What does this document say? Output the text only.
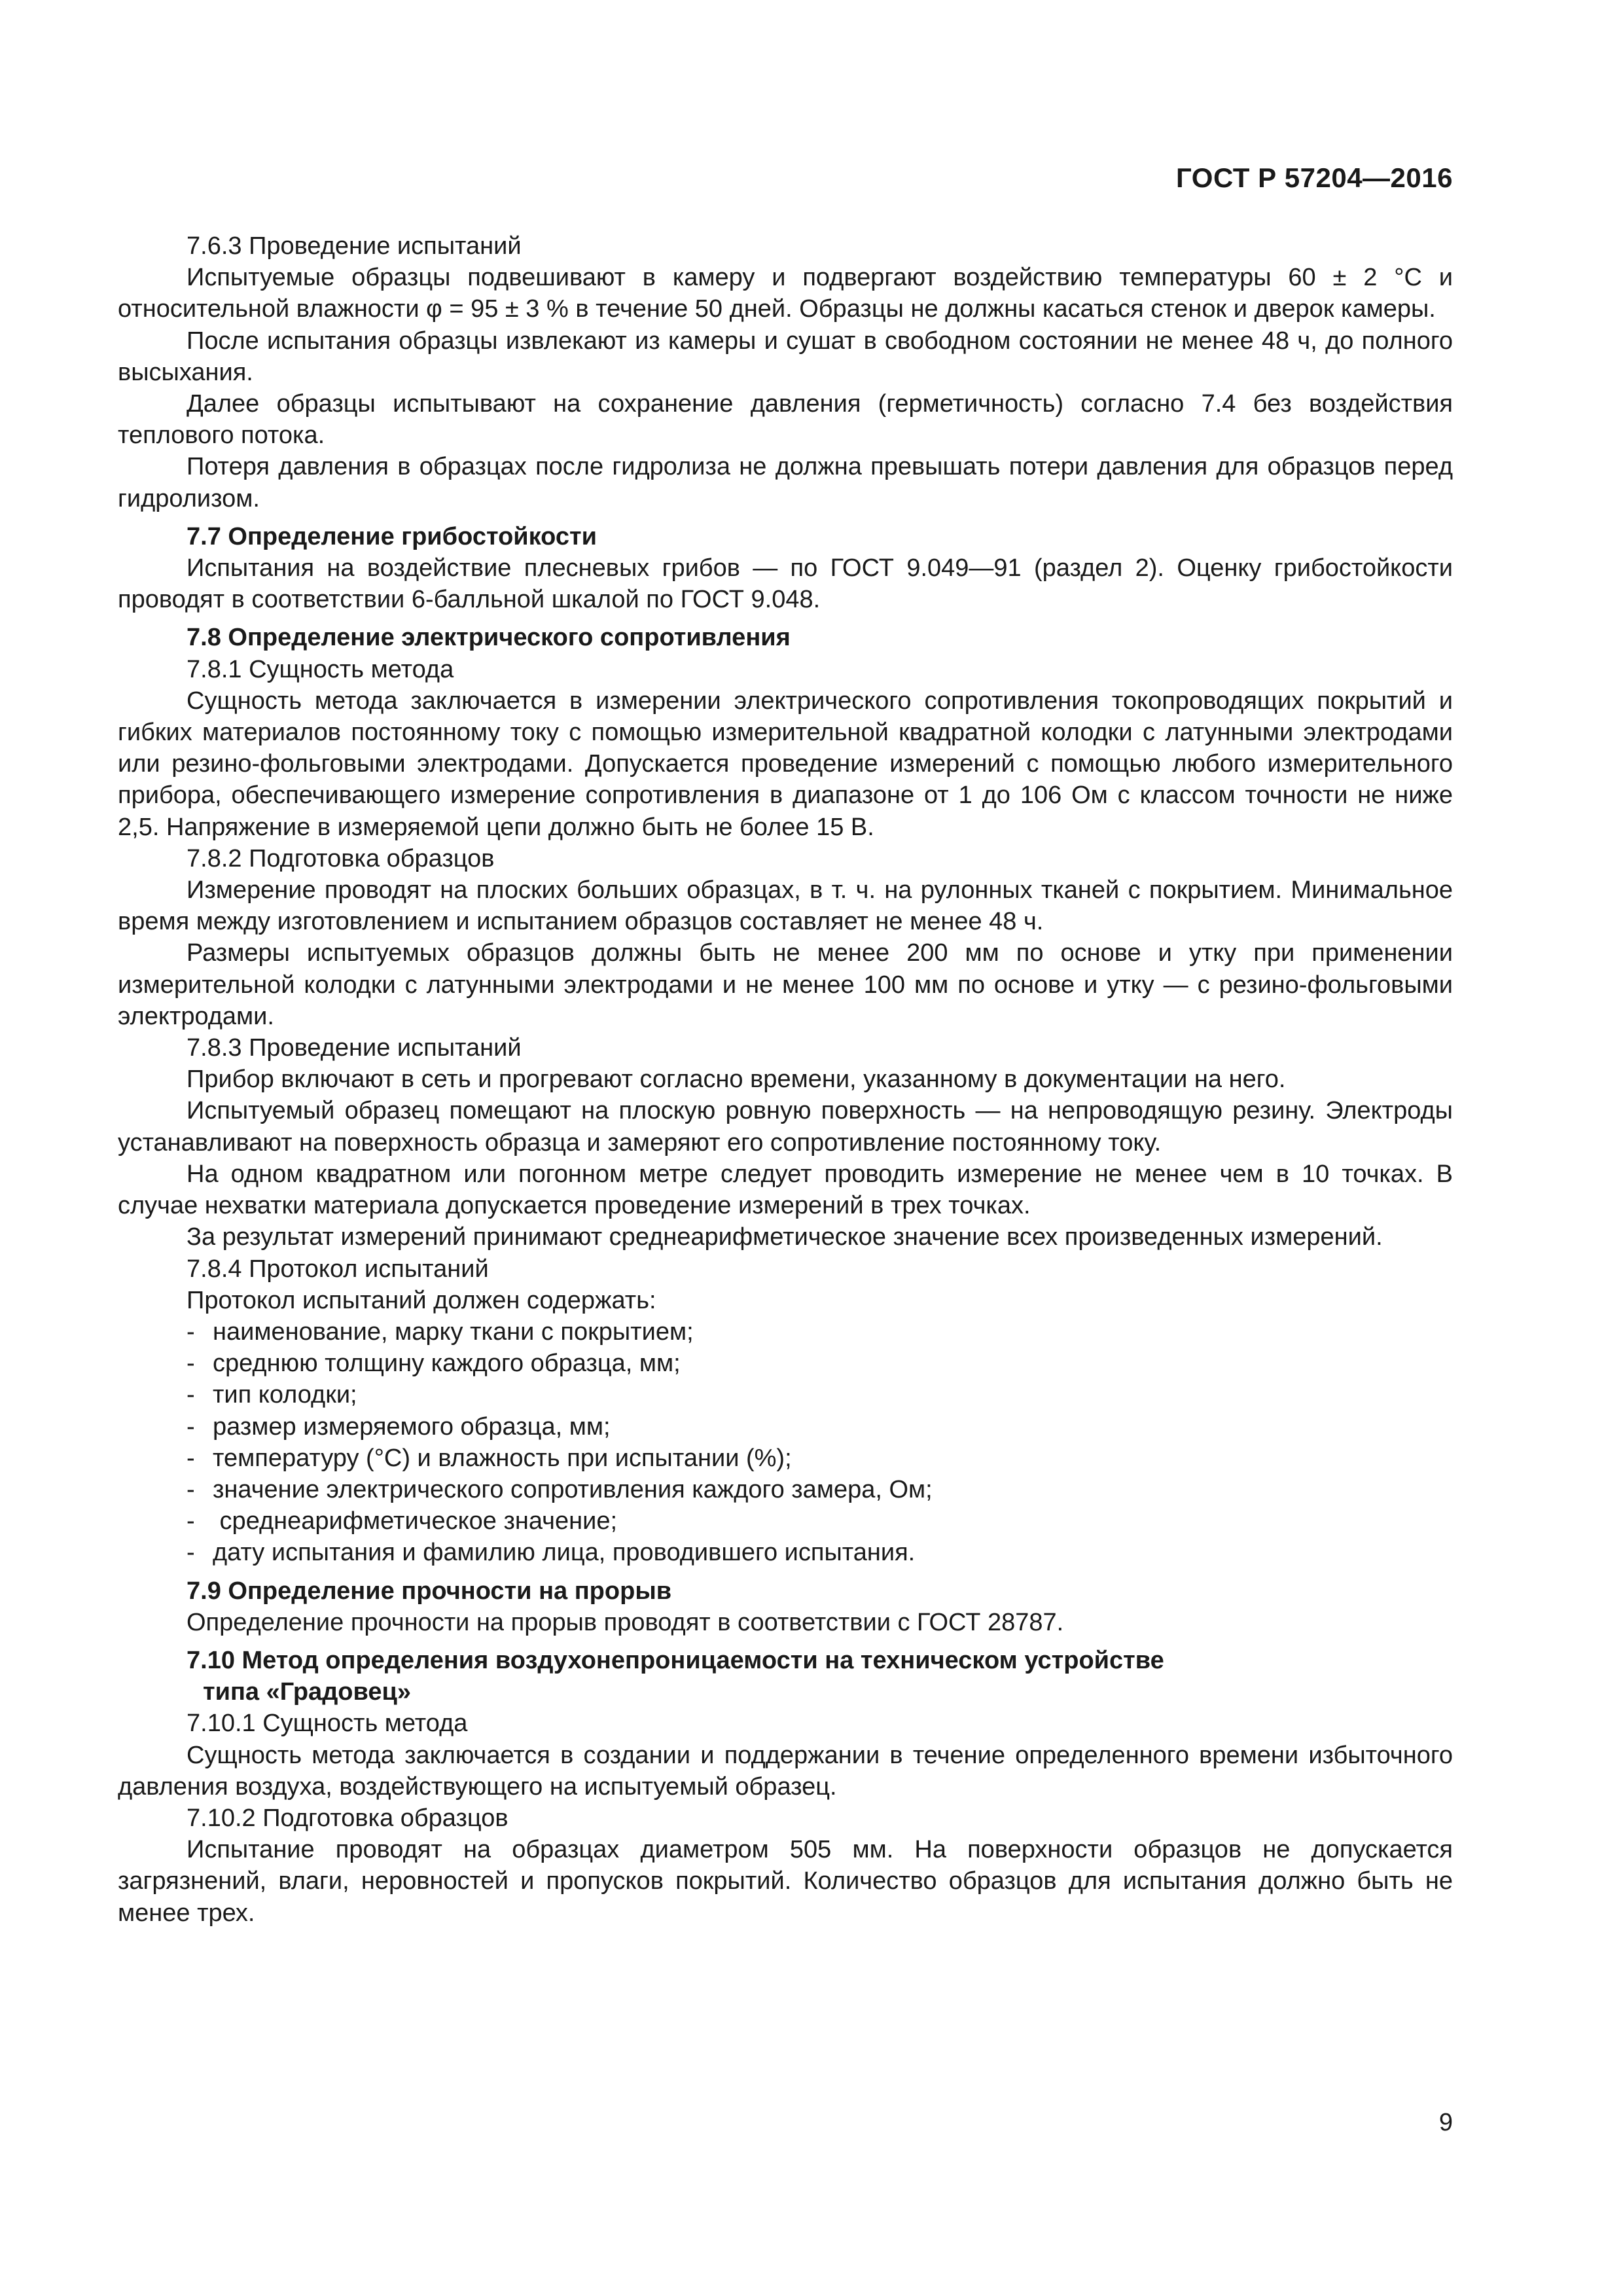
ГОСТ Р 57204—2016

7.6.3 Проведение испытаний

Испытуемые образцы подвешивают в камеру и подвергают воздействию температуры 60 ± 2 °С и относительной влажности φ = 95 ± 3 % в течение 50 дней. Образцы не должны касаться стенок и дверок камеры.

После испытания образцы извлекают из камеры и сушат в свободном состоянии не менее 48 ч, до полного высыхания.

Далее образцы испытывают на сохранение давления (герметичность) согласно 7.4 без воздействия теплового потока.

Потеря давления в образцах после гидролиза не должна превышать потери давления для образцов перед гидролизом.

7.7 Определение грибостойкости

Испытания на воздействие плесневых грибов — по ГОСТ 9.049—91 (раздел 2). Оценку грибостойкости проводят в соответствии 6-балльной шкалой по ГОСТ 9.048.

7.8 Определение электрического сопротивления

7.8.1 Сущность метода

Сущность метода заключается в измерении электрического сопротивления токопроводящих покрытий и гибких материалов постоянному току с помощью измерительной квадратной колодки с латунными электродами или резино-фольговыми электродами. Допускается проведение измерений с помощью любого измерительного прибора, обеспечивающего измерение сопротивления в диапазоне от 1 до 106 Ом с классом точности не ниже 2,5. Напряжение в измеряемой цепи должно быть не более 15 В.

7.8.2 Подготовка образцов

Измерение проводят на плоских больших образцах, в т. ч. на рулонных тканей с покрытием. Минимальное время между изготовлением и испытанием образцов составляет не менее 48 ч.

Размеры испытуемых образцов должны быть не менее 200 мм по основе и утку при применении измерительной колодки с латунными электродами и не менее 100 мм по основе и утку — с резино-фольговыми электродами.

7.8.3 Проведение испытаний

Прибор включают в сеть и прогревают согласно времени, указанному в документации на него.

Испытуемый образец помещают на плоскую ровную поверхность — на непроводящую резину. Электроды устанавливают на поверхность образца и замеряют его сопротивление постоянному току.

На одном квадратном или погонном метре следует проводить измерение не менее чем в 10 точках. В случае нехватки материала допускается проведение измерений в трех точках.

За результат измерений принимают среднеарифметическое значение всех произведенных измерений.

7.8.4 Протокол испытаний

Протокол испытаний должен содержать:

- наименование, марку ткани с покрытием;

- среднюю толщину каждого образца, мм;

- тип колодки;

- размер измеряемого образца, мм;

- температуру (°С) и влажность при испытании (%);

- значение электрического сопротивления каждого замера, Ом;

- среднеарифметическое значение;

- дату испытания и фамилию лица, проводившего испытания.

7.9 Определение прочности на прорыв

Определение прочности на прорыв проводят в соответствии с ГОСТ 28787.

7.10 Метод определения воздухонепроницаемости на техническом устройстве

типа «Градовец»

7.10.1 Сущность метода

Сущность метода заключается в создании и поддержании в течение определенного времени избыточного давления воздуха, воздействующего на испытуемый образец.

7.10.2 Подготовка образцов

Испытание проводят на образцах диаметром 505 мм. На поверхности образцов не допускается загрязнений, влаги, неровностей и пропусков покрытий. Количество образцов для испытания должно быть не менее трех.

9
